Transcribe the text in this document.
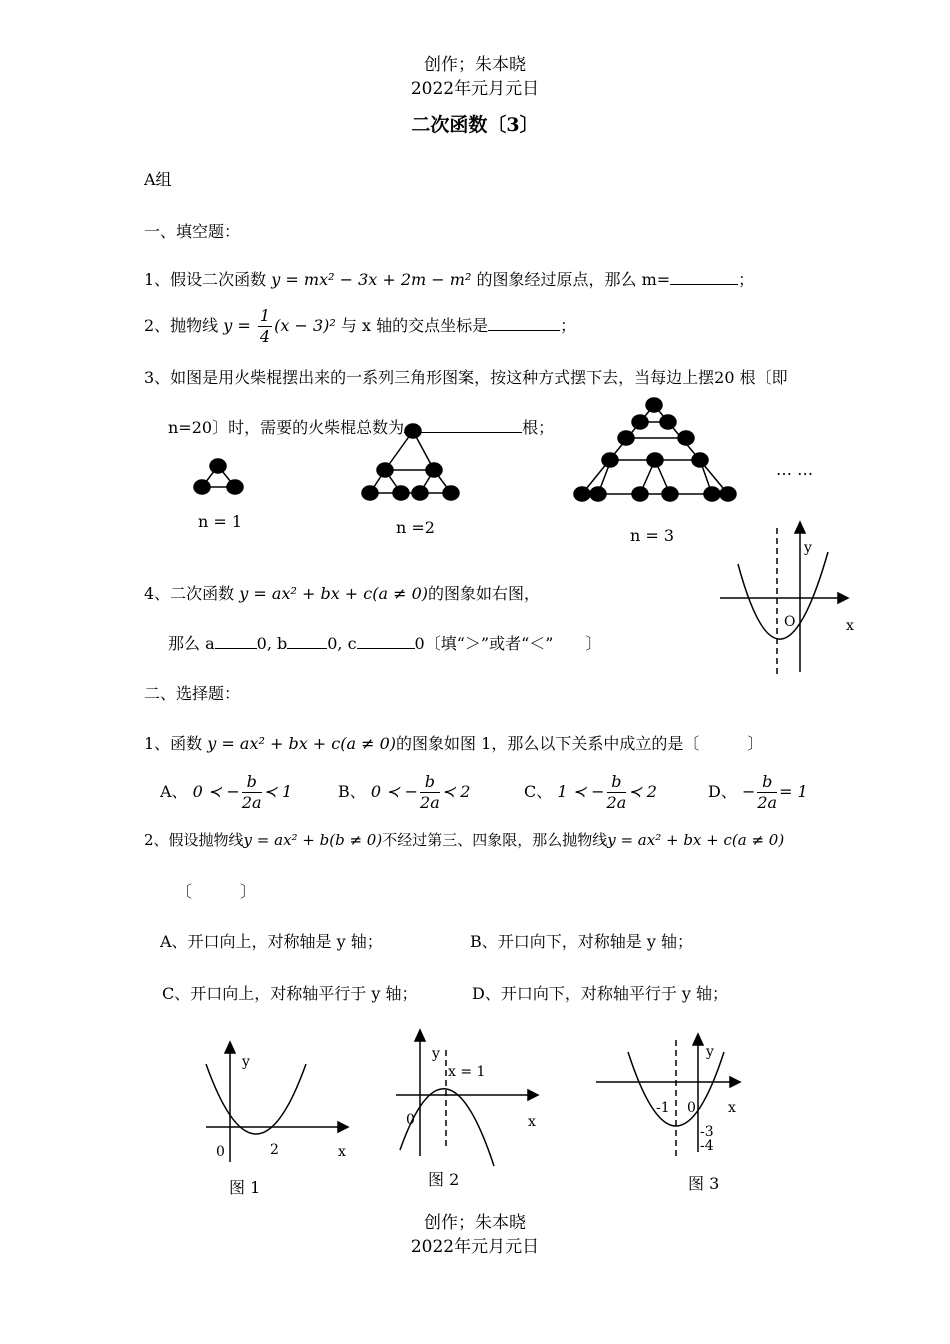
创作；朱本晓
2022年元月元日
二次函数〔3〕
A组
一、填空题：
1、假设二次函数 y = mx² − 3x + 2m − m² 的图象经过原点，那么 m=	；
2、抛物线 $y = \frac{1}{4} (x - 3)^2$ 与 x 轴的交点坐标是	；
3、如图是用火柴棍摆出来的一系列三角形图案，按这种方式摆下去，当每边上摆20 根〔即
n=20〕时，需要的火柴棍总数为	根；
n = 1	n =2	n = 3
… …
4、二次函数 y = ax² + bx + c(a ≠ 0)的图象如右图，
那么 a	0, b	0, c	0〔填“＞”或者“＜”　　〕
y
x
O
二、选择题：
1、函数 y = ax² + bx + c(a ≠ 0)的图象如图 1，那么以下关系中成立的是〔　　　〕
A、 0 ≺ − $\frac{b}{2a}$ ≺ 1	B、 0 ≺ − $\frac{b}{2a}$ ≺ 2	C、 1 ≺ − $\frac{b}{2a}$ ≺ 2	D、 − $\frac{b}{2a} = 1$
2、假设抛物线y = ax² + b(b ≠ 0)不经过第三、四象限，那么抛物线y = ax² + bx + c(a ≠ 0)
〔　　　〕
A、开口向上，对称轴是 y 轴；	B、开口向下，对称轴是 y 轴；
C、开口向上，对称轴平行于 y 轴；	D、开口向下，对称轴平行于 y 轴；
y
x
0	2
图 1
y
x = 1
x
0
图 2
y
x
-1 0
-3
-4
图 3
创作；朱本晓
2022年元月元日
